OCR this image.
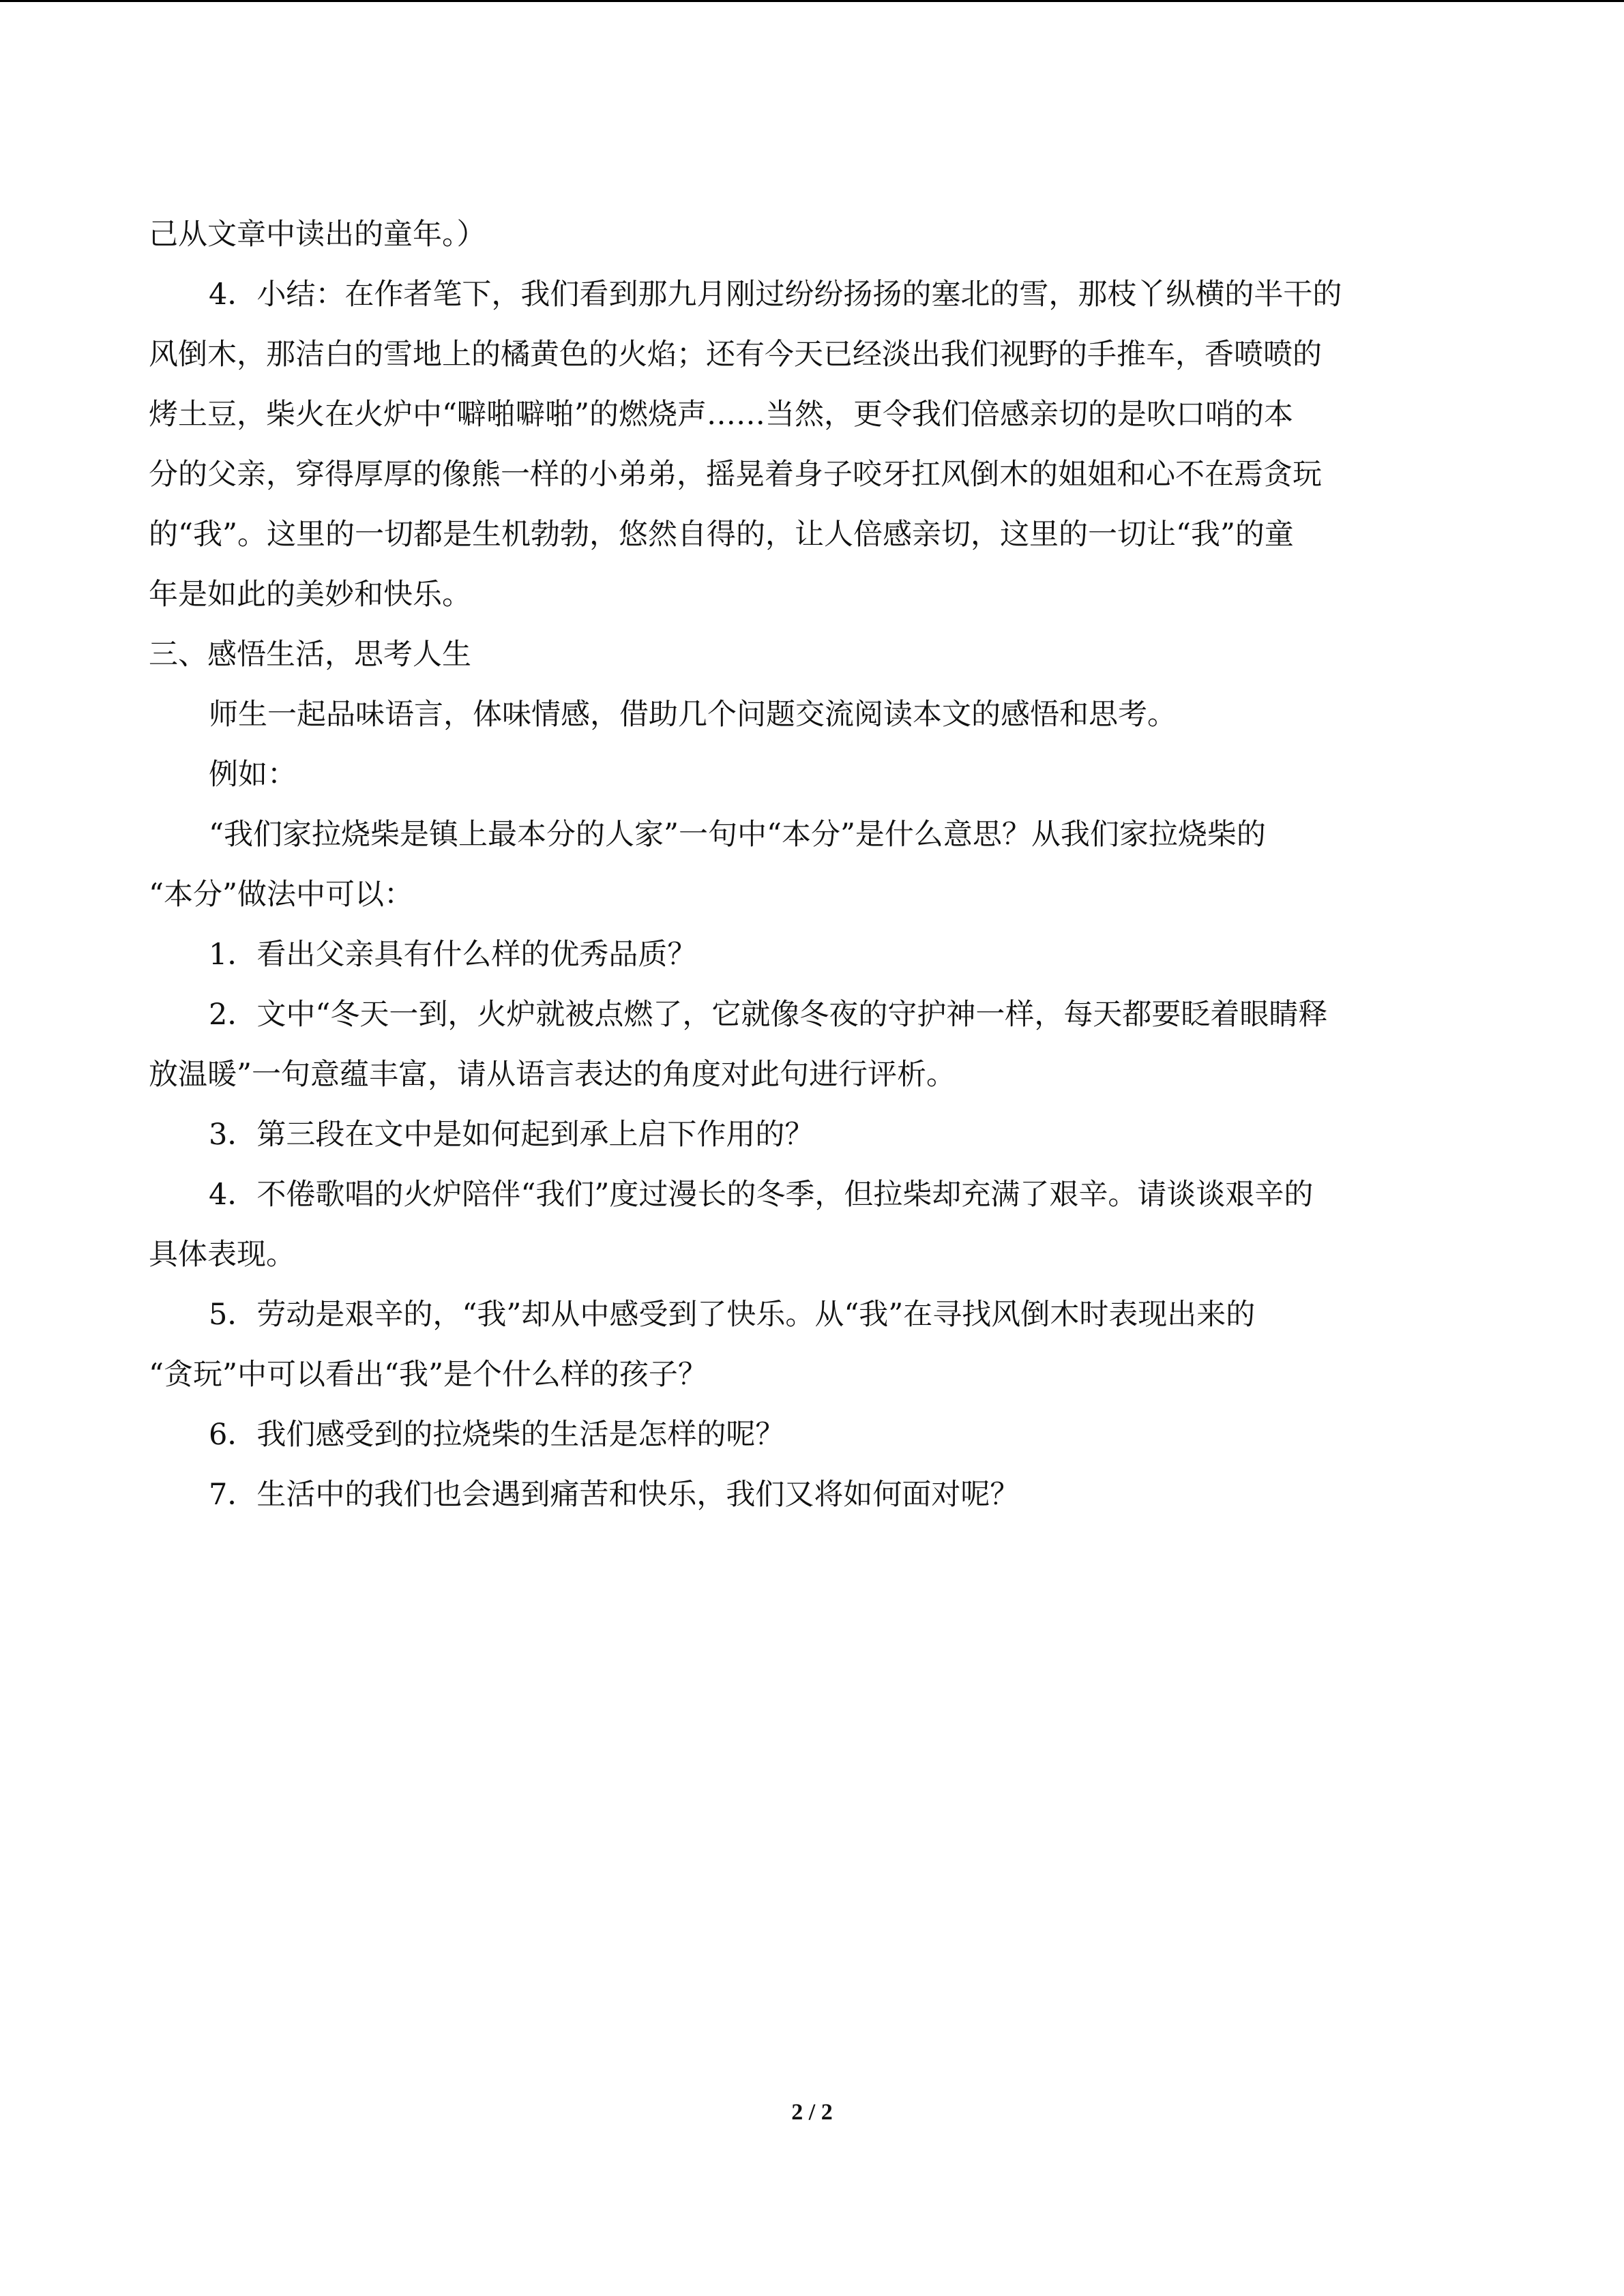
己从文章中读出的童年。）

4．小结：在作者笔下，我们看到那九月刚过纷纷扬扬的塞北的雪，那枝丫纵横的半干的

风倒木，那洁白的雪地上的橘黄色的火焰；还有今天已经淡出我们视野的手推车，香喷喷的

烤土豆，柴火在火炉中“噼啪噼啪”的燃烧声……当然，更令我们倍感亲切的是吹口哨的本

分的父亲，穿得厚厚的像熊一样的小弟弟，摇晃着身子咬牙扛风倒木的姐姐和心不在焉贪玩

的“我”。这里的一切都是生机勃勃，悠然自得的，让人倍感亲切，这里的一切让“我”的童

年是如此的美妙和快乐。

三、感悟生活，思考人生

师生一起品味语言，体味情感，借助几个问题交流阅读本文的感悟和思考。

例如：

“我们家拉烧柴是镇上最本分的人家”一句中“本分”是什么意思？从我们家拉烧柴的

“本分”做法中可以：

1．看出父亲具有什么样的优秀品质？

2．文中“冬天一到，火炉就被点燃了，它就像冬夜的守护神一样，每天都要眨着眼睛释

放温暖”一句意蕴丰富，请从语言表达的角度对此句进行评析。

3．第三段在文中是如何起到承上启下作用的？

4．不倦歌唱的火炉陪伴“我们”度过漫长的冬季，但拉柴却充满了艰辛。请谈谈艰辛的

具体表现。

5．劳动是艰辛的，“我”却从中感受到了快乐。从“我”在寻找风倒木时表现出来的

“贪玩”中可以看出“我”是个什么样的孩子？

6．我们感受到的拉烧柴的生活是怎样的呢？

7．生活中的我们也会遇到痛苦和快乐，我们又将如何面对呢？

2 / 2
